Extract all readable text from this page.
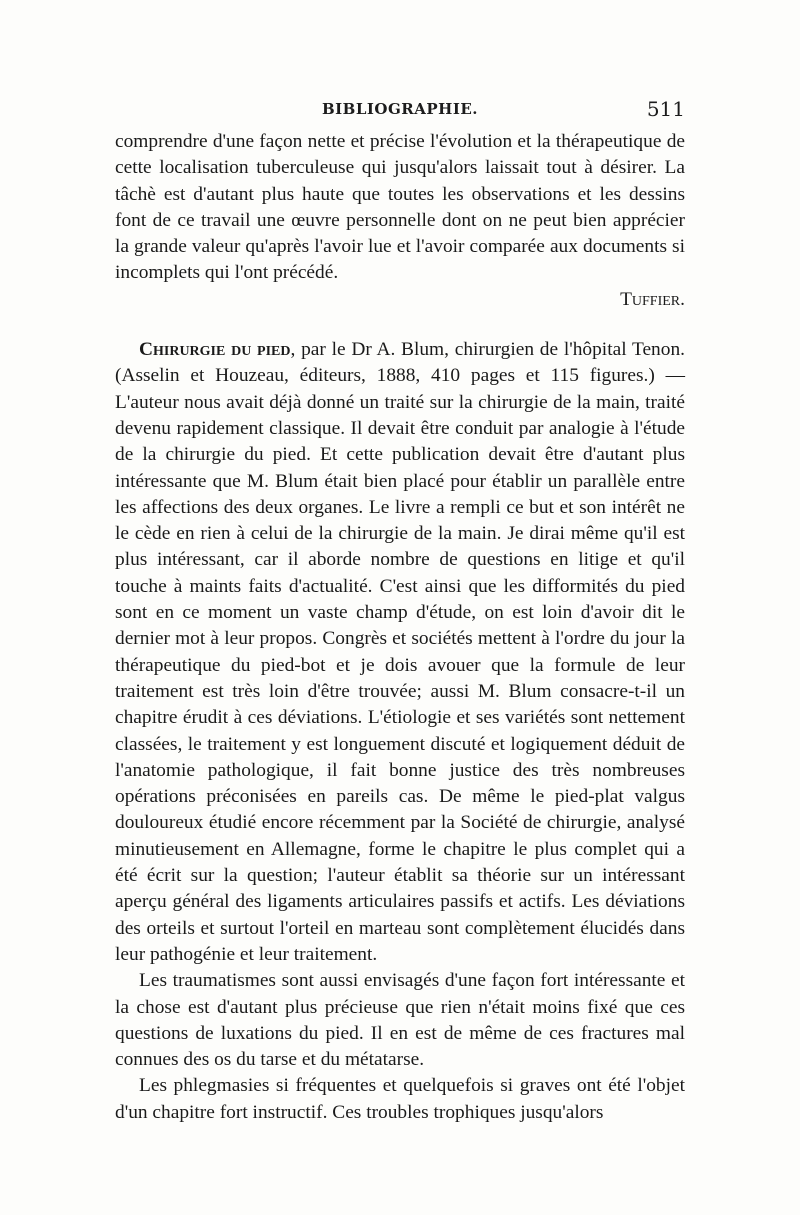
BIBLIOGRAPHIE.	511

comprendre d'une façon nette et précise l'évolution et la thérapeutique de cette localisation tuberculeuse qui jusqu'alors laissait tout à désirer. La tâchè est d'autant plus haute que toutes les observations et les dessins font de ce travail une œuvre personnelle dont on ne peut bien apprécier la grande valeur qu'après l'avoir lue et l'avoir comparée aux documents si incomplets qui l'ont précédé.

Tuffier.

Chirurgie du pied, par le Dr A. Blum, chirurgien de l'hôpital Tenon. (Asselin et Houzeau, éditeurs, 1888, 410 pages et 115 figures.) — L'auteur nous avait déjà donné un traité sur la chirurgie de la main, traité devenu rapidement classique. Il devait être conduit par analogie à l'étude de la chirurgie du pied. Et cette publication devait être d'autant plus intéressante que M. Blum était bien placé pour établir un parallèle entre les affections des deux organes. Le livre a rempli ce but et son intérêt ne le cède en rien à celui de la chirurgie de la main. Je dirai même qu'il est plus intéressant, car il aborde nombre de questions en litige et qu'il touche à maints faits d'actualité. C'est ainsi que les difformités du pied sont en ce moment un vaste champ d'étude, on est loin d'avoir dit le dernier mot à leur propos. Congrès et sociétés mettent à l'ordre du jour la thérapeutique du pied-bot et je dois avouer que la formule de leur traitement est très loin d'être trouvée; aussi M. Blum consacre-t-il un chapitre érudit à ces déviations. L'étiologie et ses variétés sont nettement classées, le traitement y est longuement discuté et logiquement déduit de l'anatomie pathologique, il fait bonne justice des très nombreuses opérations préconisées en pareils cas. De même le pied-plat valgus douloureux étudié encore récemment par la Société de chirurgie, analysé minutieusement en Allemagne, forme le chapitre le plus complet qui a été écrit sur la question; l'auteur établit sa théorie sur un intéressant aperçu général des ligaments articulaires passifs et actifs. Les déviations des orteils et surtout l'orteil en marteau sont complètement élucidés dans leur pathogénie et leur traitement.

Les traumatismes sont aussi envisagés d'une façon fort intéressante et la chose est d'autant plus précieuse que rien n'était moins fixé que ces questions de luxations du pied. Il en est de même de ces fractures mal connues des os du tarse et du métatarse.

Les phlegmasies si fréquentes et quelquefois si graves ont été l'objet d'un chapitre fort instructif. Ces troubles trophiques jusqu'alors
